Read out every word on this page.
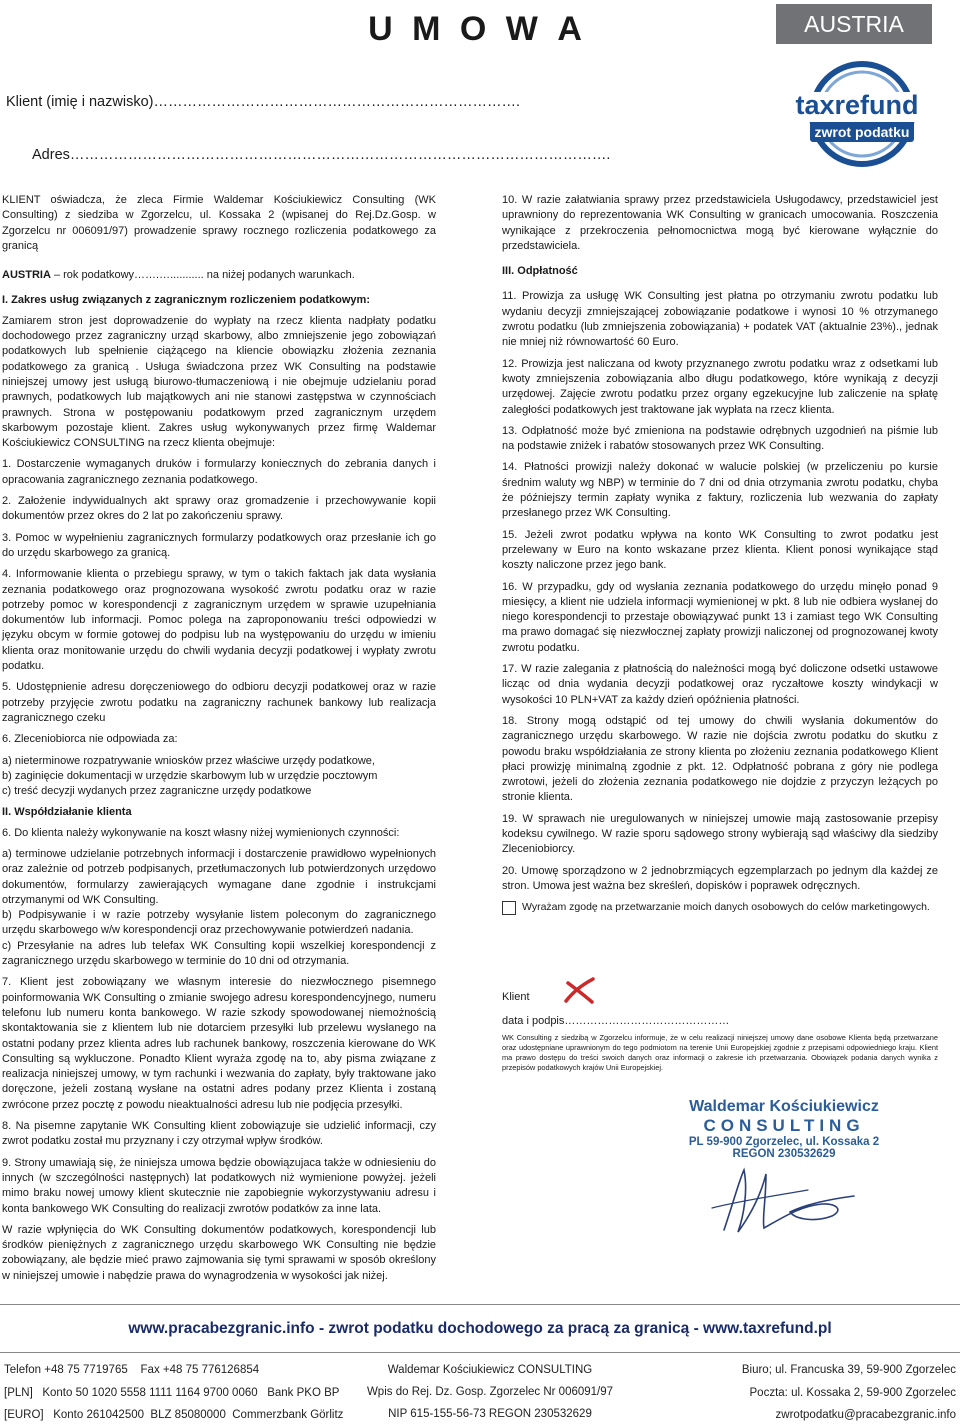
U M O W A	AUSTRIA
Klient (imię i nazwisko)………………………………………………………………….
Adres………………………………………………………………………………………………….
taxrefund
zwrot podatku

KLIENT oświadcza, że zleca Firmie Waldemar Kościukiewicz Consulting (WK Consulting) z siedziba w Zgorzelcu, ul. Kossaka 2 (wpisanej do Rej.Dz.Gosp. w Zgorzelcu nr 006091/97) prowadzenie sprawy rocznego rozliczenia podatkowego za granicą

AUSTRIA – rok podatkowy…….…........... na niżej podanych warunkach.

I. Zakres usług związanych z zagranicznym rozliczeniem podatkowym:

Zamiarem stron jest doprowadzenie do wypłaty na rzecz klienta nadpłaty podatku dochodowego przez zagraniczny urząd skarbowy, albo zmniejszenie jego zobowiązań podatkowych lub spełnienie ciążącego na kliencie obowiązku złożenia zeznania podatkowego za granicą . Usługa świadczona przez WK Consulting na podstawie niniejszej umowy jest usługą biurowo-tłumaczeniową i nie obejmuje udzielaniu porad prawnych, podatkowych lub majątkowych ani nie stanowi zastępstwa w czynnościach prawnych. Strona w postępowaniu podatkowym przed zagranicznym urzędem skarbowym pozostaje klient. Zakres usług wykonywanych przez firmę Waldemar Kościukiewicz CONSULTING na rzecz klienta obejmuje:

1. Dostarczenie wymaganych druków i formularzy koniecznych do zebrania danych i opracowania zagranicznego zeznania podatkowego.

2. Założenie indywidualnych akt sprawy oraz gromadzenie i przechowywanie kopii dokumentów przez okres do 2 lat po zakończeniu sprawy.

3. Pomoc w wypełnieniu zagranicznych formularzy podatkowych oraz przesłanie ich go do urzędu skarbowego za granicą.

4. Informowanie klienta o przebiegu sprawy, w tym o takich faktach jak data wysłania zeznania podatkowego oraz prognozowana wysokość zwrotu podatku oraz w razie potrzeby pomoc w korespondencji z zagranicznym urzędem w sprawie uzupełniania dokumentów lub informacji. Pomoc polega na zaproponowaniu treści odpowiedzi w języku obcym w formie gotowej do podpisu lub na występowaniu do urzędu w imieniu klienta oraz monitowanie urzędu do chwili wydania decyzji podatkowej i wypłaty zwrotu podatku.

5. Udostępnienie adresu doręczeniowego do odbioru decyzji podatkowej oraz w razie potrzeby przyjęcie zwrotu podatku na zagraniczny rachunek bankowy lub realizacja zagranicznego czeku

6. Zleceniobiorca nie odpowiada za:

a) nieterminowe rozpatrywanie wniosków przez właściwe urzędy podatkowe,

b) zaginięcie dokumentacji w urzędzie skarbowym lub w urzędzie pocztowym

c) treść decyzji wydanych przez zagraniczne urzędy podatkowe

II. Współdziałanie klienta

6. Do klienta należy wykonywanie na koszt własny niżej wymienionych czynności:

a) terminowe udzielanie potrzebnych informacji i dostarczenie prawidłowo wypełnionych oraz zależnie od potrzeb podpisanych, przetłumaczonych lub potwierdzonych urzędowo dokumentów, formularzy zawierających wymagane dane zgodnie i instrukcjami otrzymanymi od WK Consulting.

b) Podpisywanie i w razie potrzeby wysyłanie listem poleconym do zagranicznego urzędu skarbowego w/w korespondencji oraz przechowywanie potwierdzeń nadania.

c) Przesyłanie na adres lub telefax WK Consulting kopii wszelkiej korespondencji z zagranicznego urzędu skarbowego w terminie do 10 dni od otrzymania.

7. Klient jest zobowiązany we własnym interesie do niezwłocznego pisemnego poinformowania WK Consulting o zmianie swojego adresu korespondencyjnego, numeru telefonu lub numeru konta bankowego. W razie szkody spowodowanej niemożnością skontaktowania sie z klientem lub nie dotarciem przesyłki lub przelewu wysłanego na ostatni podany przez klienta adres lub rachunek bankowy, roszczenia kierowane do WK Consulting są wykluczone. Ponadto Klient wyraża zgodę na to, aby pisma związane z realizacja niniejszej umowy, w tym rachunki i wezwania do zapłaty, były traktowane jako doręczone, jeżeli zostaną wysłane na ostatni adres podany przez Klienta i zostaną zwrócone przez pocztę z powodu nieaktualności adresu lub nie podjęcia przesyłki.

8. Na pisemne zapytanie WK Consulting klient zobowiązuje sie udzielić informacji, czy zwrot podatku został mu przyznany i czy otrzymał wpływ środków.

9. Strony umawiają się, że niniejsza umowa będzie obowiązujaca także w odniesieniu do innych (w szczególności następnych) lat podatkowych niż wymienione powyżej. jeżeli mimo braku nowej umowy klient skutecznie nie zapobiegnie wykorzystywaniu adresu i konta bankowego WK Consulting do realizacji zwrotów podatków za inne lata.

W razie wpłynięcia do WK Consulting dokumentów podatkowych, korespondencji lub środków pieniężnych z zagranicznego urzędu skarbowego WK Consulting nie będzie zobowiązany, ale będzie mieć prawo zajmowania się tymi sprawami w sposób określony w niniejszej umowie i nabędzie prawa do wynagrodzenia w wysokości jak niżej.

10. W razie załatwiania sprawy przez przedstawiciela Usługodawcy, przedstawiciel jest uprawniony do reprezentowania WK Consulting w granicach umocowania. Roszczenia wynikające z przekroczenia pełnomocnictwa mogą być kierowane wyłącznie do przedstawiciela.

III. Odpłatność

11. Prowizja za usługę WK Consulting jest płatna po otrzymaniu zwrotu podatku lub wydaniu decyzji zmniejszającej zobowiązanie podatkowe i wynosi 10 % otrzymanego zwrotu podatku (lub zmniejszenia zobowiązania) + podatek VAT (aktualnie 23%)., jednak nie mniej niż równowartość 60 Euro.

12. Prowizja jest naliczana od kwoty przyznanego zwrotu podatku wraz z odsetkami lub kwoty zmniejszenia zobowiązania albo długu podatkowego, które wynikają z decyzji urzędowej. Zajęcie zwrotu podatku przez organy egzekucyjne lub zaliczenie na spłatę zaległości podatkowych jest traktowane jak wypłata na rzecz klienta.

13. Odpłatność może być zmieniona na podstawie odrębnych uzgodnień na piśmie lub na podstawie zniżek i rabatów stosowanych przez WK Consulting.

14. Płatności prowizji należy dokonać w walucie polskiej (w przeliczeniu po kursie średnim waluty wg NBP) w terminie do 7 dni od dnia otrzymania zwrotu podatku, chyba że późniejszy termin zapłaty wynika z faktury, rozliczenia lub wezwania do zapłaty przesłanego przez WK Consulting.

15. Jeżeli zwrot podatku wpływa na konto WK Consulting to zwrot podatku jest przelewany w Euro na konto wskazane przez klienta. Klient ponosi wynikające stąd koszty naliczone przez jego bank.

16. W przypadku, gdy od wysłania zeznania podatkowego do urzędu minęło ponad 9 miesięcy, a klient nie udziela informacji wymienionej w pkt. 8 lub nie odbiera wysłanej do niego korespondencji to przestaje obowiązywać punkt 13 i zamiast tego WK Consulting ma prawo domagać się niezwłocznej zapłaty prowizji naliczonej od prognozowanej kwoty zwrotu podatku.

17. W razie zalegania z płatnością do należności mogą być doliczone odsetki ustawowe licząc od dnia wydania decyzji podatkowej oraz ryczałtowe koszty windykacji w wysokości 10 PLN+VAT za każdy dzień opóźnienia płatności.

18. Strony mogą odstąpić od tej umowy do chwili wysłania dokumentów do zagranicznego urzędu skarbowego. W razie nie dojścia zwrotu podatku do skutku z powodu braku współdziałania ze strony klienta po złożeniu zeznania podatkowego Klient płaci prowizję minimalną zgodnie z pkt. 12. Odpłatność pobrana z góry nie podlega zwrotowi, jeżeli do złożenia zeznania podatkowego nie dojdzie z przyczyn leżących po stronie klienta.

19. W sprawach nie uregulowanych w niniejszej umowie mają zastosowanie przepisy kodeksu cywilnego. W razie sporu sądowego strony wybierają sąd właściwy dla siedziby Zleceniobiorcy.

20. Umowę sporządzono w 2 jednobrzmiących egzemplarzach po jednym dla każdej ze stron. Umowa jest ważna bez skreśleń, dopisków i poprawek odręcznych.

Wyrażam zgodę na przetwarzanie moich danych osobowych do celów marketingowych.
Klient
data i podpis………………………………………
WK Consulting z siedzibą w Zgorzelcu informuje, że w celu realizacji niniejszej umowy dane osobowe Klienta będą przetwarzane oraz udostępniane uprawnionym do tego podmiotom na terenie Unii Europejskiej zgodnie z przepisami odpowiedniego kraju. Klient ma prawo dostępu do treści swoich danych oraz informacji o zakresie ich przetwarzania. Obowiązek podania danych wynika z przepisów podatkowych krajów Unii Europejskiej.
Waldemar Kościukiewicz
CONSULTING
PL 59-900 Zgorzelec, ul. Kossaka 2
REGON 230532629
www.pracabezgranic.info - zwrot podatku dochodowego za pracą za granicą - www.taxrefund.pl
Telefon +48 75 7719765    Fax +48 75 776126854
[PLN]   Konto 50 1020 5558 1111 1164 9700 0060   Bank PKO BP
[EURO]   Konto 261042500  BLZ 85080000  Commerzbank Görlitz
Waldemar Kościukiewicz CONSULTING
Wpis do Rej. Dz. Gosp. Zgorzelec Nr 006091/97
NIP 615-155-56-73 REGON 230532629
Biuro; ul. Francuska 39, 59-900 Zgorzelec
Poczta: ul. Kossaka 2, 59-900 Zgorzelec
zwrotpodatku@pracabezgranic.info
